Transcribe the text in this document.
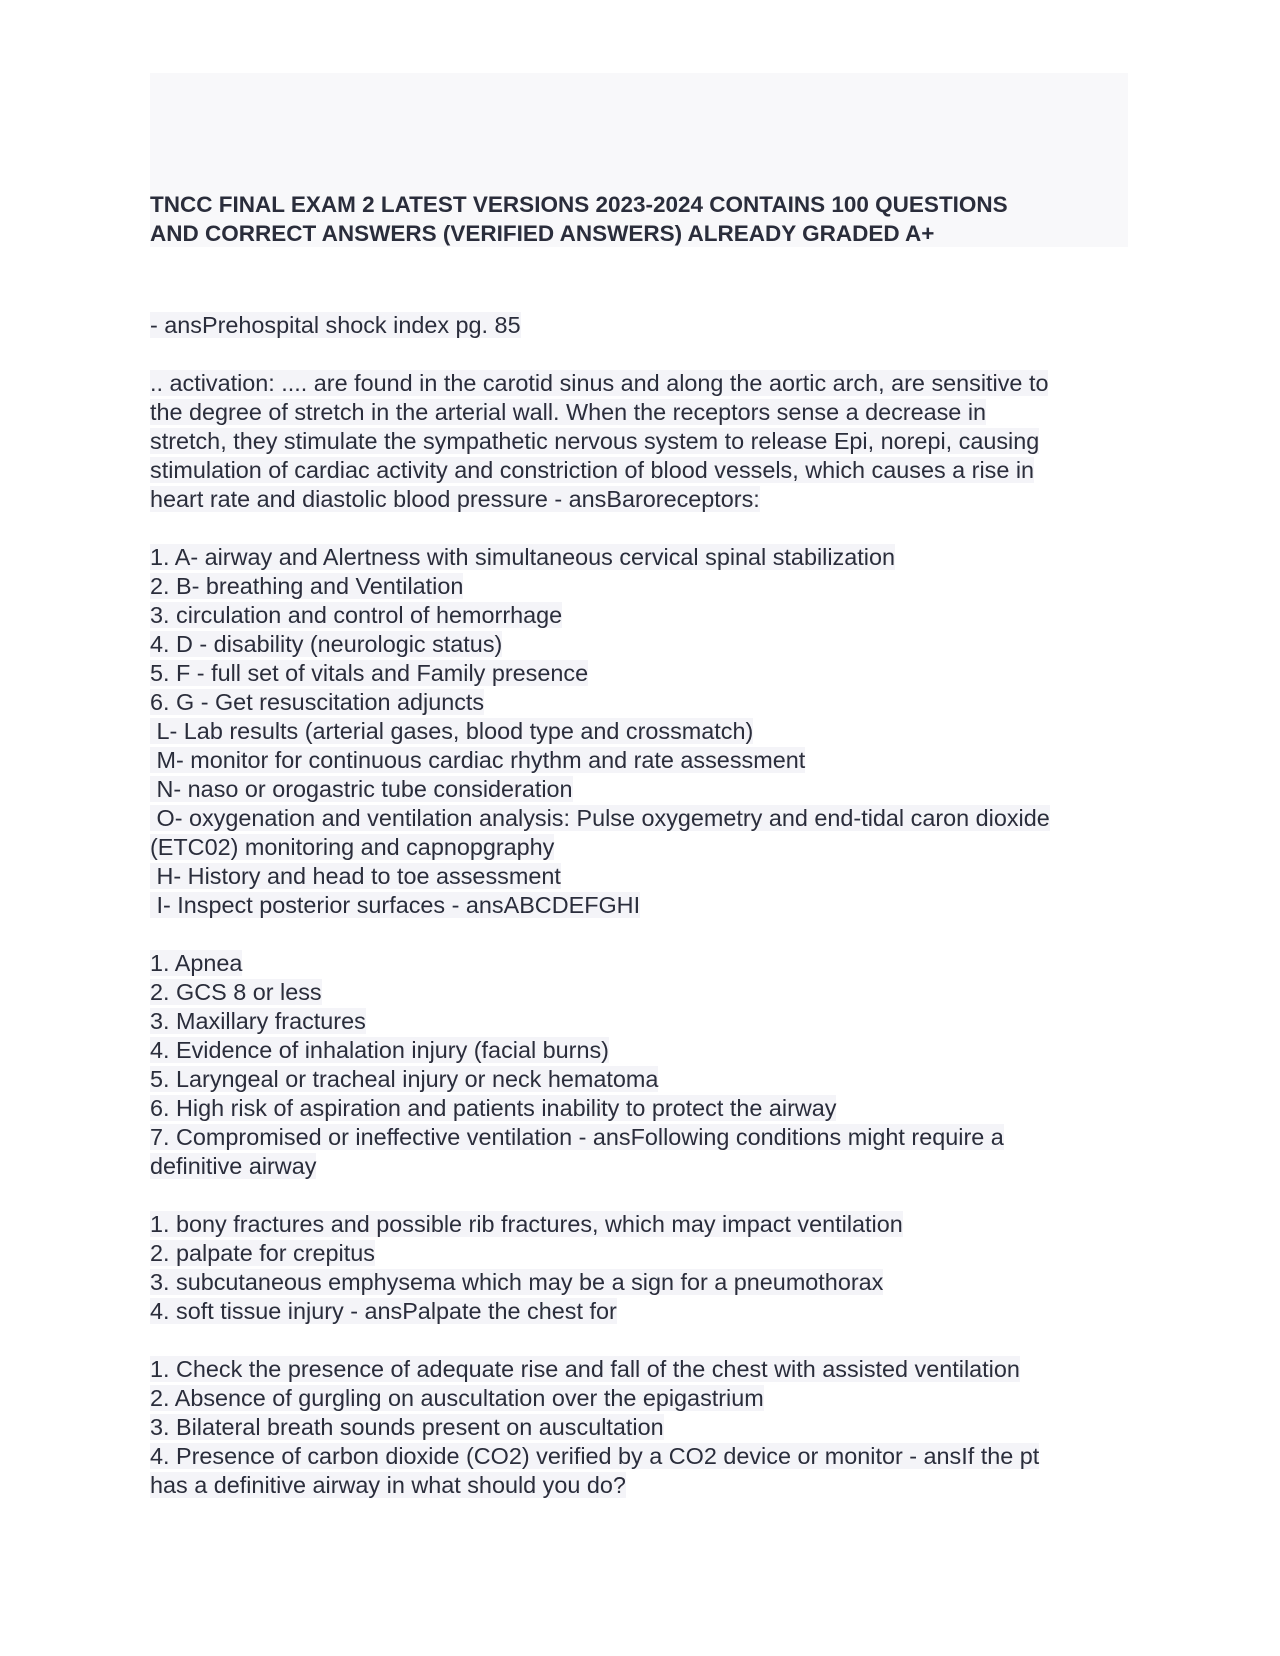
TNCC FINAL EXAM 2 LATEST VERSIONS 2023-2024 CONTAINS 100 QUESTIONS
AND CORRECT ANSWERS (VERIFIED ANSWERS) ALREADY GRADED A+
- ansPrehospital shock index pg. 85
.. activation: .... are found in the carotid sinus and along the aortic arch, are sensitive to
the degree of stretch in the arterial wall. When the receptors sense a decrease in
stretch, they stimulate the sympathetic nervous system to release Epi, norepi, causing
stimulation of cardiac activity and constriction of blood vessels, which causes a rise in
heart rate and diastolic blood pressure - ansBaroreceptors:
1. A- airway and Alertness with simultaneous cervical spinal stabilization
2. B- breathing and Ventilation
3. circulation and control of hemorrhage
4. D - disability (neurologic status)
5. F - full set of vitals and Family presence
6. G - Get resuscitation adjuncts
L- Lab results (arterial gases, blood type and crossmatch)
M- monitor for continuous cardiac rhythm and rate assessment
N- naso or orogastric tube consideration
O- oxygenation and ventilation analysis: Pulse oxygemetry and end-tidal caron dioxide
(ETC02) monitoring and capnopgraphy
H- History and head to toe assessment
I- Inspect posterior surfaces - ansABCDEFGHI
1. Apnea
2. GCS 8 or less
3. Maxillary fractures
4. Evidence of inhalation injury (facial burns)
5. Laryngeal or tracheal injury or neck hematoma
6. High risk of aspiration and patients inability to protect the airway
7. Compromised or ineffective ventilation - ansFollowing conditions might require a
definitive airway
1. bony fractures and possible rib fractures, which may impact ventilation
2. palpate for crepitus
3. subcutaneous emphysema which may be a sign for a pneumothorax
4. soft tissue injury - ansPalpate the chest for
1. Check the presence of adequate rise and fall of the chest with assisted ventilation
2. Absence of gurgling on auscultation over the epigastrium
3. Bilateral breath sounds present on auscultation
4. Presence of carbon dioxide (CO2) verified by a CO2 device or monitor - ansIf the pt
has a definitive airway in what should you do?
